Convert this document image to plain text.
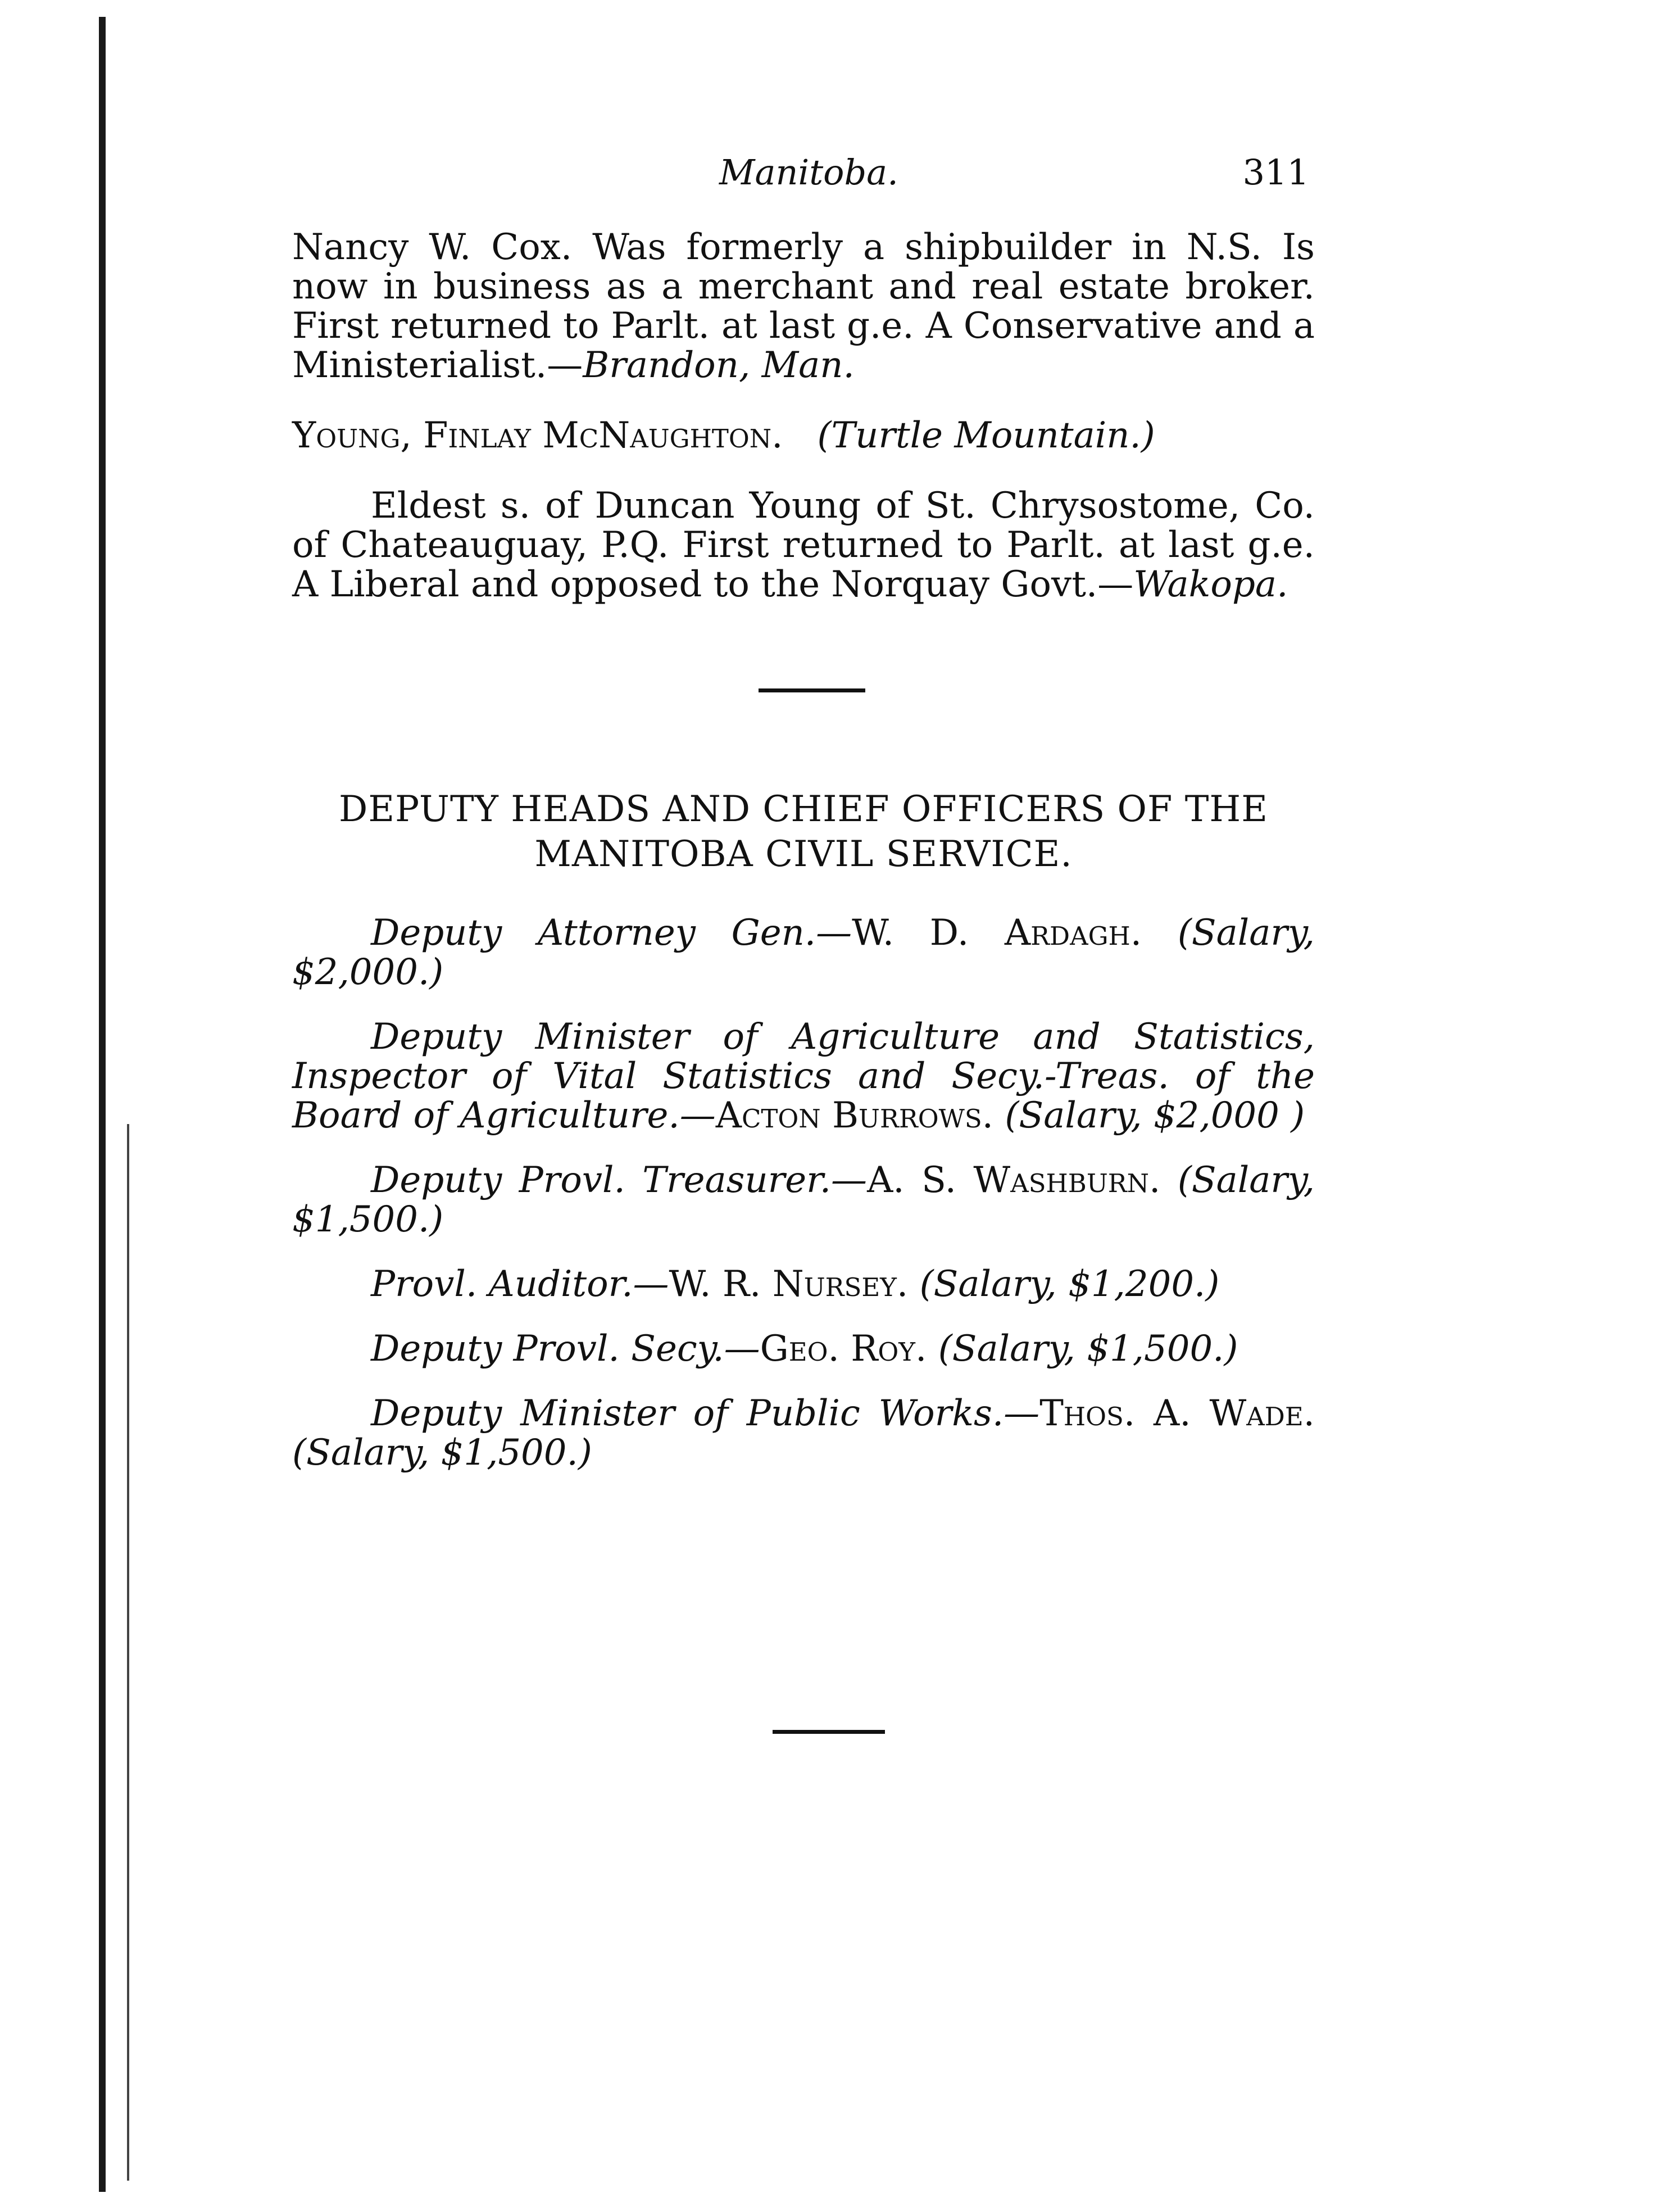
Manitoba.	311

Nancy W. Cox. Was formerly a shipbuilder in N.S. Is now in business as a merchant and real estate broker. First returned to Parlt. at last g.e. A Conservative and a Ministerialist.—Brandon, Man.

Young, Finlay McNaughton. (Turtle Mountain.)

Eldest s. of Duncan Young of St. Chrysostome, Co. of Chateauguay, P.Q. First returned to Parlt. at last g.e. A Liberal and opposed to the Norquay Govt.—Wakopa.

DEPUTY HEADS AND CHIEF OFFICERS OF THE
MANITOBA CIVIL SERVICE.

Deputy Attorney Gen.—W. D. Ardagh. (Salary, $2,000.)

Deputy Minister of Agriculture and Statistics, Inspector of Vital Statistics and Secy.-Treas. of the Board of Agriculture.—Acton Burrows. (Salary, $2,000 )

Deputy Provl. Treasurer.—A. S. Washburn. (Salary, $1,500.)

Provl. Auditor.—W. R. Nursey. (Salary, $1,200.)

Deputy Provl. Secy.—Geo. Roy. (Salary, $1,500.)

Deputy Minister of Public Works.—Thos. A. Wade. (Salary, $1,500.)
